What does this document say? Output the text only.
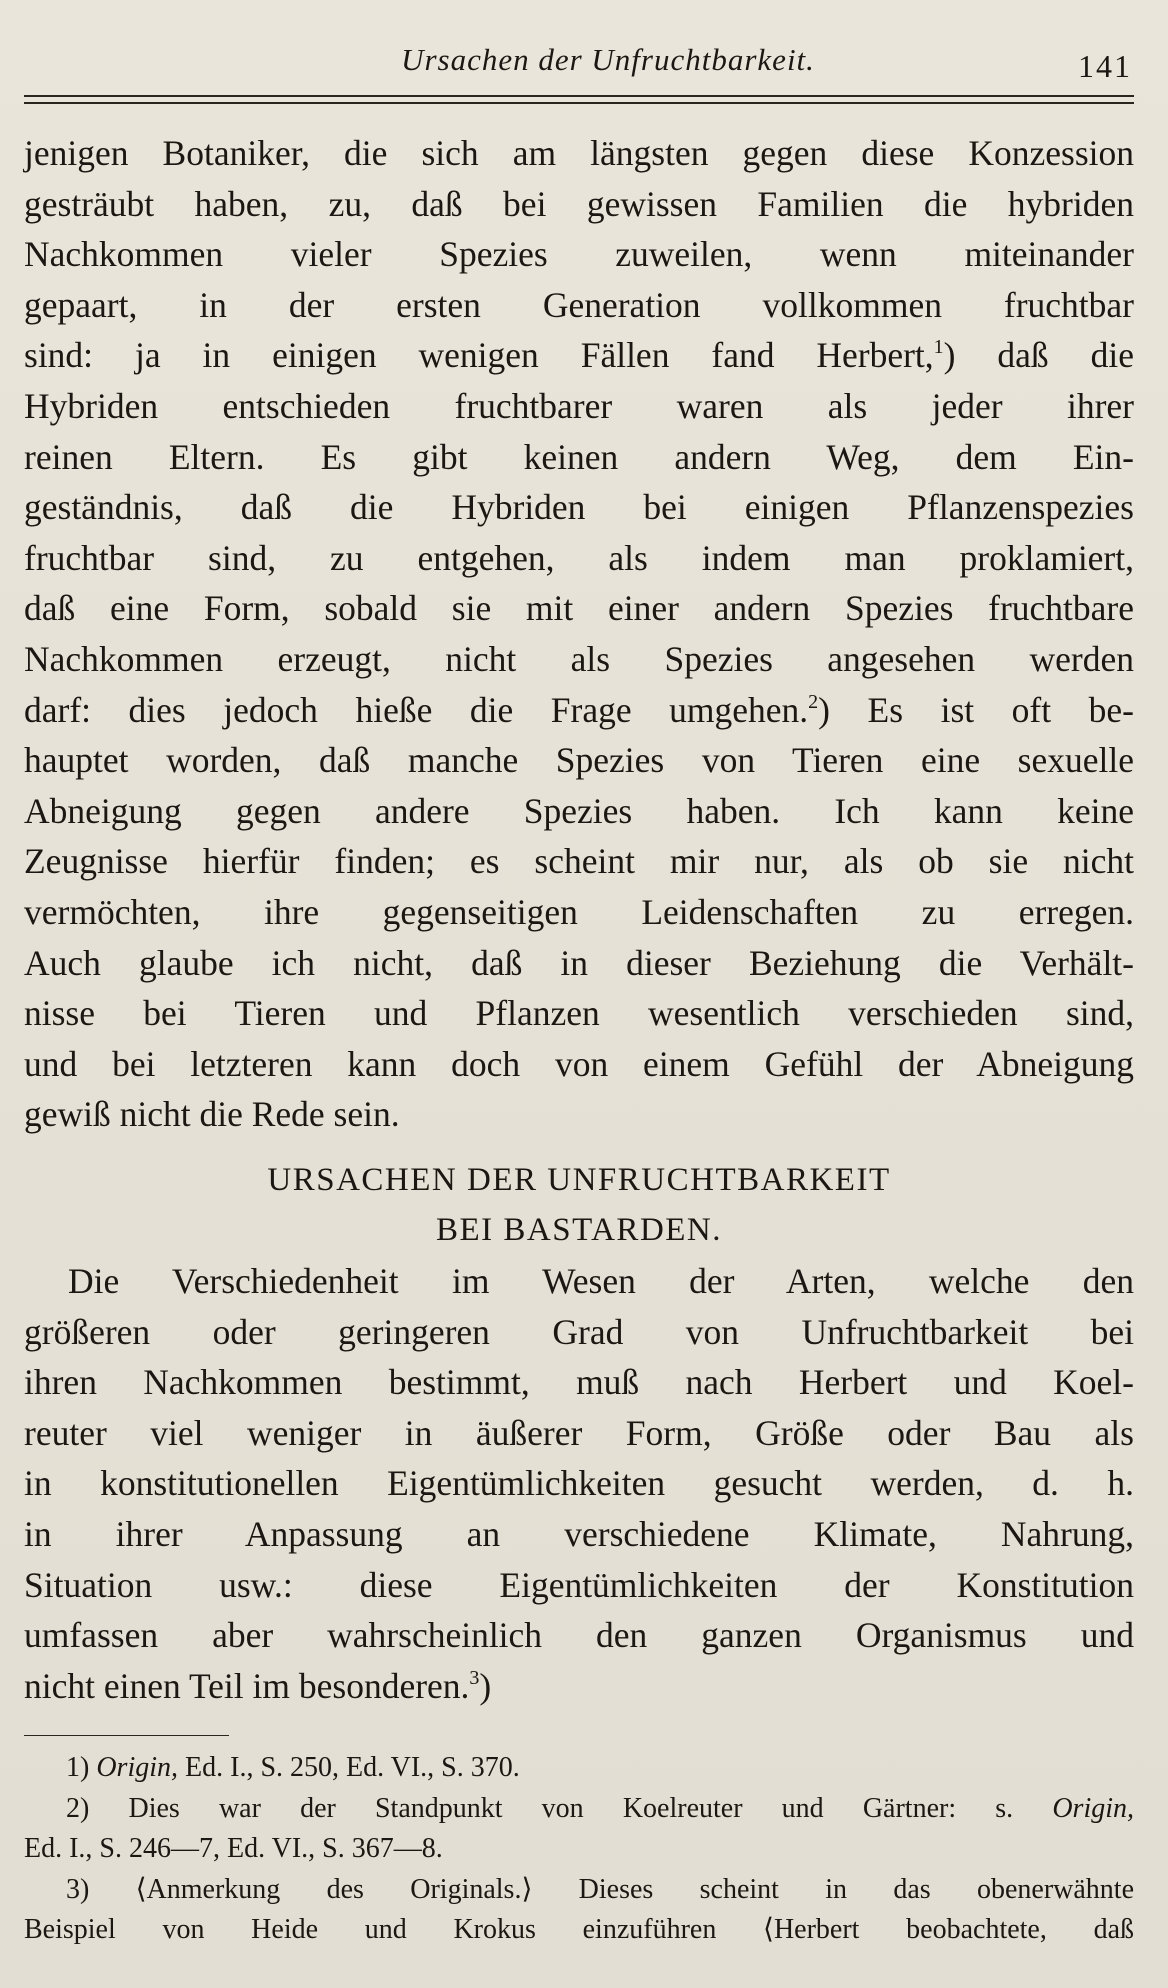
Ursachen der Unfruchtbarkeit.	141
jenigen Botaniker, die sich am längsten gegen diese Konzession
gesträubt haben, zu, daß bei gewissen Familien die hybriden
Nachkommen vieler Spezies zuweilen, wenn miteinander
gepaart, in der ersten Generation vollkommen fruchtbar
sind: ja in einigen wenigen Fällen fand Herbert,$^1$) daß die
Hybriden entschieden fruchtbarer waren als jeder ihrer
reinen Eltern. Es gibt keinen andern Weg, dem Ein-
geständnis, daß die Hybriden bei einigen Pflanzenspezies
fruchtbar sind, zu entgehen, als indem man proklamiert,
daß eine Form, sobald sie mit einer andern Spezies fruchtbare
Nachkommen erzeugt, nicht als Spezies angesehen werden
darf: dies jedoch hieße die Frage umgehen.$^2$) Es ist oft be-
hauptet worden, daß manche Spezies von Tieren eine sexuelle
Abneigung gegen andere Spezies haben. Ich kann keine
Zeugnisse hierfür finden; es scheint mir nur, als ob sie nicht
vermöchten, ihre gegenseitigen Leidenschaften zu erregen.
Auch glaube ich nicht, daß in dieser Beziehung die Verhält-
nisse bei Tieren und Pflanzen wesentlich verschieden sind,
und bei letzteren kann doch von einem Gefühl der Abneigung
gewiß nicht die Rede sein.
URSACHEN DER UNFRUCHTBARKEIT
BEI BASTARDEN.
Die Verschiedenheit im Wesen der Arten, welche den
größeren oder geringeren Grad von Unfruchtbarkeit bei
ihren Nachkommen bestimmt, muß nach Herbert und Koel-
reuter viel weniger in äußerer Form, Größe oder Bau als
in konstitutionellen Eigentümlichkeiten gesucht werden, d. h.
in ihrer Anpassung an verschiedene Klimate, Nahrung,
Situation usw.: diese Eigentümlichkeiten der Konstitution
umfassen aber wahrscheinlich den ganzen Organismus und
nicht einen Teil im besonderen.$^3$)
1) Origin, Ed. I., S. 250, Ed. VI., S. 370.
2) Dies war der Standpunkt von Koelreuter und Gärtner: s. Origin,
Ed. I., S. 246—7, Ed. VI., S. 367—8.
3) ⟨Anmerkung des Originals.⟩ Dieses scheint in das obenerwähnte
Beispiel von Heide und Krokus einzuführen ⟨Herbert beobachtete, daß
